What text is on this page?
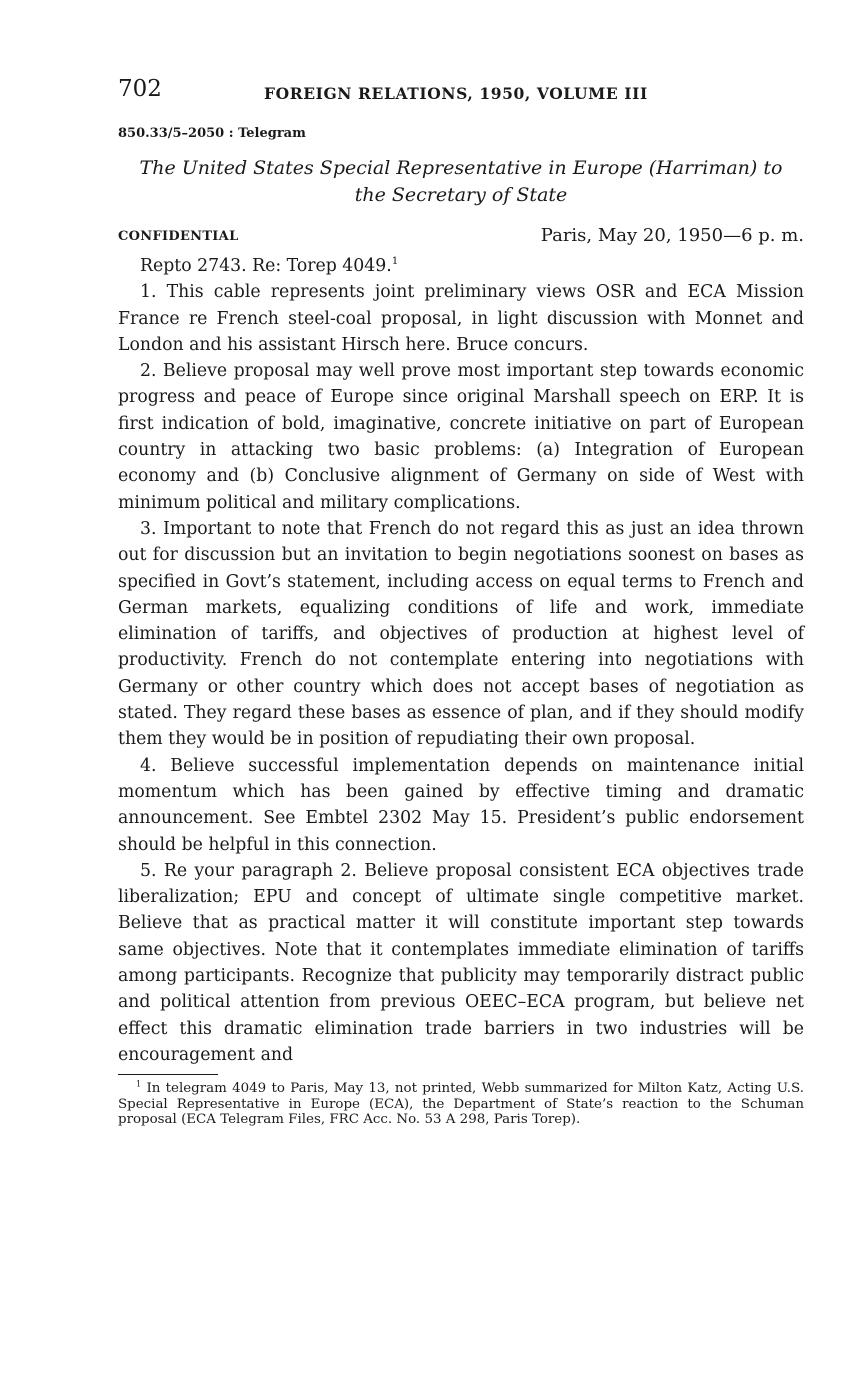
702	FOREIGN RELATIONS, 1950, VOLUME III
850.33/5–2050 : Telegram
The United States Special Representative in Europe (Harriman) to the Secretary of State
CONFIDENTIAL	Paris, May 20, 1950—6 p. m.

Repto 2743. Re: Torep 4049.$^1$

1. This cable represents joint preliminary views OSR and ECA Mission France re French steel-coal proposal, in light discussion with Monnet and London and his assistant Hirsch here. Bruce concurs.

2. Believe proposal may well prove most important step towards economic progress and peace of Europe since original Marshall speech on ERP. It is first indication of bold, imaginative, concrete initiative on part of European country in attacking two basic problems: (a) Integration of European economy and (b) Conclusive alignment of Germany on side of West with minimum political and military complications.

3. Important to note that French do not regard this as just an idea thrown out for discussion but an invitation to begin negotiations soonest on bases as specified in Govt’s statement, including access on equal terms to French and German markets, equalizing conditions of life and work, immediate elimination of tariffs, and objectives of production at highest level of productivity. French do not contemplate entering into negotiations with Germany or other country which does not accept bases of negotiation as stated. They regard these bases as essence of plan, and if they should modify them they would be in position of repudiating their own proposal.

4. Believe successful implementation depends on maintenance initial momentum which has been gained by effective timing and dramatic announcement. See Embtel 2302 May 15. President’s public endorsement should be helpful in this connection.

5. Re your paragraph 2. Believe proposal consistent ECA objectives trade liberalization; EPU and concept of ultimate single competitive market. Believe that as practical matter it will constitute important step towards same objectives. Note that it contemplates immediate elimination of tariffs among participants. Recognize that publicity may temporarily distract public and political attention from previous OEEC–ECA program, but believe net effect this dramatic elimination trade barriers in two industries will be encouragement and

$^1$ In telegram 4049 to Paris, May 13, not printed, Webb summarized for Milton Katz, Acting U.S. Special Representative in Europe (ECA), the Department of State’s reaction to the Schuman proposal (ECA Telegram Files, FRC Acc. No. 53 A 298, Paris Torep).
